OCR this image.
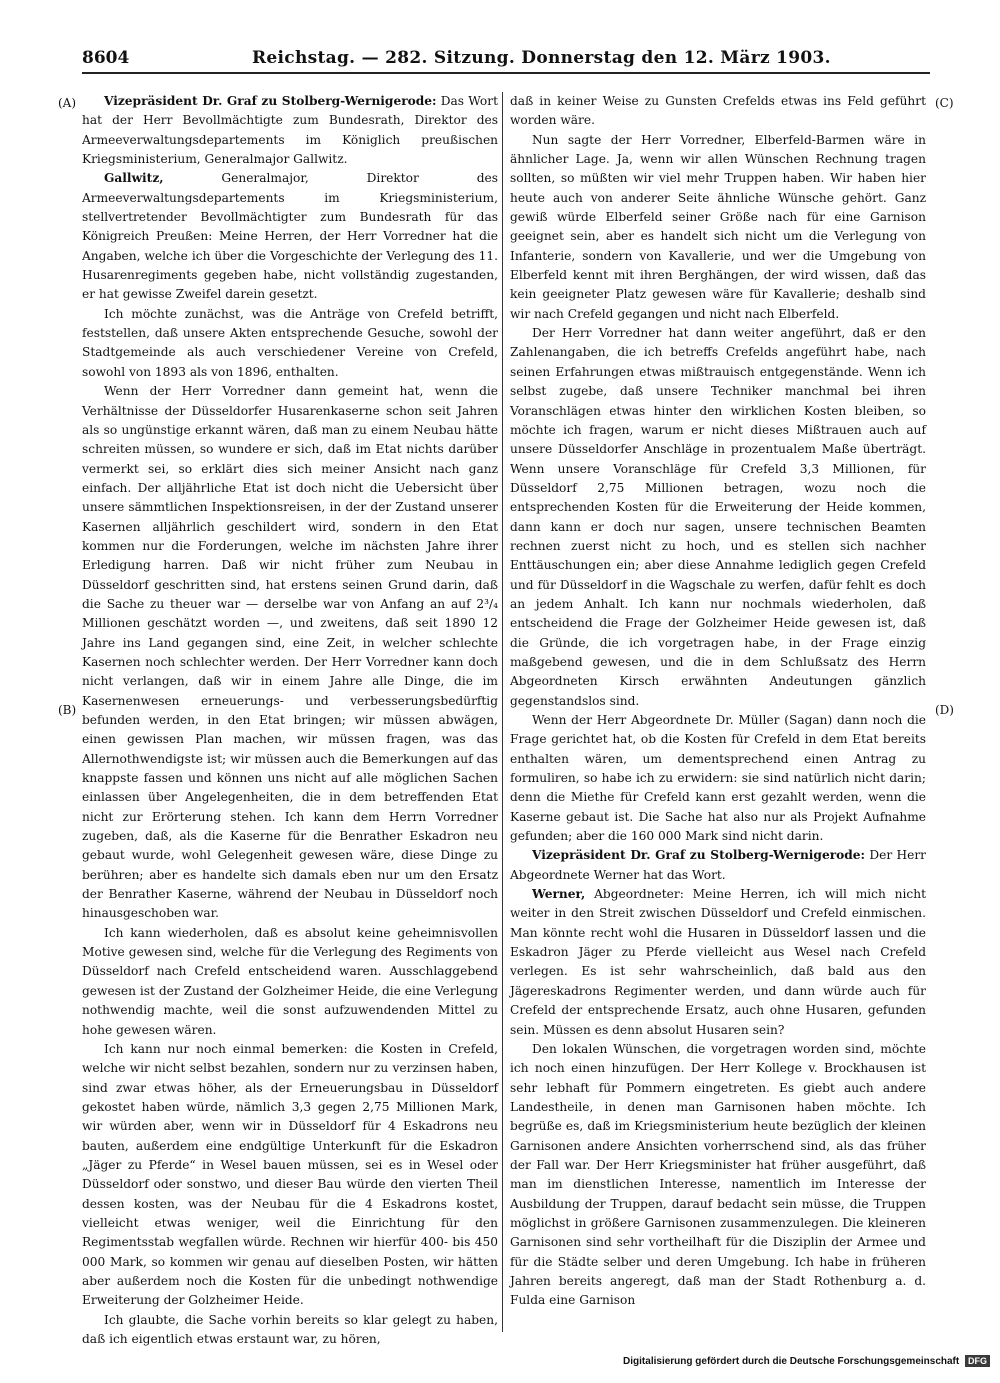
8604	Reichstag. — 282. Sitzung. Donnerstag den 12. März 1903.
(A)
(B)
(C)
(D)

Vizepräsident Dr. Graf zu Stolberg-Wernigerode: Das Wort hat der Herr Bevollmächtigte zum Bundesrath, Direktor des Armeeverwaltungsdepartements im Königlich preußischen Kriegsministerium, Generalmajor Gallwitz.

Gallwitz,	Generalmajor, Direktor des Armeeverwaltungsdepartements im Kriegsministerium, stellvertretender Bevollmächtigter zum Bundesrath für das Königreich Preußen: Meine Herren, der Herr Vorredner hat die Angaben, welche ich über die Vorgeschichte der Verlegung des 11. Husarenregiments gegeben habe, nicht vollständig zugestanden, er hat gewisse Zweifel darein gesetzt.

Ich möchte zunächst, was die Anträge von Crefeld betrifft, feststellen, daß unsere Akten entsprechende Gesuche, sowohl der Stadtgemeinde als auch verschiedener Vereine von Crefeld, sowohl von 1893 als von 1896, enthalten.

Wenn der Herr Vorredner dann gemeint hat, wenn die Verhältnisse der Düsseldorfer Husarenkaserne schon seit Jahren als so ungünstige erkannt wären, daß man zu einem Neubau hätte schreiten müssen, so wundere er sich, daß im Etat nichts darüber vermerkt sei, so erklärt dies sich meiner Ansicht nach ganz einfach. Der alljährliche Etat ist doch nicht die Uebersicht über unsere sämmtlichen Inspektionsreisen, in der der Zustand unserer Kasernen alljährlich geschildert wird, sondern in den Etat kommen nur die Forderungen, welche im nächsten Jahre ihrer Erledigung harren. Daß wir nicht früher zum Neubau in Düsseldorf geschritten sind, hat erstens seinen Grund darin, daß die Sache zu theuer war — derselbe war von Anfang an auf 2³/₄ Millionen geschätzt worden —, und zweitens, daß seit 1890 12 Jahre ins Land gegangen sind, eine Zeit, in welcher schlechte Kasernen noch schlechter werden. Der Herr Vorredner kann doch nicht verlangen, daß wir in einem Jahre alle Dinge, die im Kasernenwesen erneuerungs- und verbesserungsbedürftig befunden werden, in den Etat bringen; wir müssen abwägen, einen gewissen Plan machen, wir müssen fragen, was das Allernothwendigste ist; wir müssen auch die Bemerkungen auf das knappste fassen und können uns nicht auf alle möglichen Sachen einlassen über Angelegenheiten, die in dem betreffenden Etat nicht zur Erörterung stehen. Ich kann dem Herrn Vorredner zugeben, daß, als die Kaserne für die Benrather Eskadron neu gebaut wurde, wohl Gelegenheit gewesen wäre, diese Dinge zu berühren; aber es handelte sich damals eben nur um den Ersatz der Benrather Kaserne, während der Neubau in Düsseldorf noch hinausgeschoben war.

Ich kann wiederholen, daß es absolut keine geheimnisvollen Motive gewesen sind, welche für die Verlegung des Regiments von Düsseldorf nach Crefeld entscheidend waren. Ausschlaggebend gewesen ist der Zustand der Golzheimer Heide, die eine Verlegung nothwendig machte, weil die sonst aufzuwendenden Mittel zu hohe gewesen wären.

Ich kann nur noch einmal bemerken: die Kosten in Crefeld, welche wir nicht selbst bezahlen, sondern nur zu verzinsen haben, sind zwar etwas höher, als der Erneuerungsbau in Düsseldorf gekostet haben würde, nämlich 3,3 gegen 2,75 Millionen Mark, wir würden aber, wenn wir in Düsseldorf für 4 Eskadrons neu bauten, außerdem eine endgültige Unterkunft für die Eskadron „Jäger zu Pferde“ in Wesel bauen müssen, sei es in Wesel oder Düsseldorf oder sonstwo, und dieser Bau würde den vierten Theil dessen kosten, was der Neubau für die 4 Eskadrons kostet, vielleicht etwas weniger, weil die Einrichtung für den Regimentsstab wegfallen würde. Rechnen wir hierfür 400- bis 450 000 Mark, so kommen wir genau auf dieselben Posten, wir hätten aber außerdem noch die Kosten für die unbedingt nothwendige Erweiterung der Golzheimer Heide.

Ich glaubte, die Sache vorhin bereits so klar gelegt zu haben, daß ich eigentlich etwas erstaunt war, zu hören,

daß in keiner Weise zu Gunsten Crefelds etwas ins Feld geführt worden wäre.

Nun sagte der Herr Vorredner, Elberfeld-Barmen wäre in ähnlicher Lage. Ja, wenn wir allen Wünschen Rechnung tragen sollten, so müßten wir viel mehr Truppen haben. Wir haben hier heute auch von anderer Seite ähnliche Wünsche gehört. Ganz gewiß würde Elberfeld seiner Größe nach für eine Garnison geeignet sein, aber es handelt sich nicht um die Verlegung von Infanterie, sondern von Kavallerie, und wer die Umgebung von Elberfeld kennt mit ihren Berghängen, der wird wissen, daß das kein geeigneter Platz gewesen wäre für Kavallerie; deshalb sind wir nach Crefeld gegangen und nicht nach Elberfeld.

Der Herr Vorredner hat dann weiter angeführt, daß er den Zahlenangaben, die ich betreffs Crefelds angeführt habe, nach seinen Erfahrungen etwas mißtrauisch entgegenstände. Wenn ich selbst zugebe, daß unsere Techniker manchmal bei ihren Voranschlägen etwas hinter den wirklichen Kosten bleiben, so möchte ich fragen, warum er nicht dieses Mißtrauen auch auf unsere Düsseldorfer Anschläge in prozentualem Maße überträgt. Wenn unsere Voranschläge für Crefeld 3,3 Millionen, für Düsseldorf 2,75 Millionen betragen, wozu noch die entsprechenden Kosten für die Erweiterung der Heide kommen, dann kann er doch nur sagen, unsere technischen Beamten rechnen zuerst nicht zu hoch, und es stellen sich nachher Enttäuschungen ein; aber diese Annahme lediglich gegen Crefeld und für Düsseldorf in die Wagschale zu werfen, dafür fehlt es doch an jedem Anhalt. Ich kann nur nochmals wiederholen, daß entscheidend die Frage der Golzheimer Heide gewesen ist, daß die Gründe, die ich vorgetragen habe, in der Frage einzig maßgebend gewesen, und die in dem Schlußsatz des Herrn Abgeordneten Kirsch erwähnten Andeutungen gänzlich gegenstandslos sind.

Wenn der Herr Abgeordnete Dr. Müller (Sagan) dann noch die Frage gerichtet hat, ob die Kosten für Crefeld in dem Etat bereits enthalten wären, um dementsprechend einen Antrag zu formuliren, so habe ich zu erwidern: sie sind natürlich nicht darin; denn die Miethe für Crefeld kann erst gezahlt werden, wenn die Kaserne gebaut ist. Die Sache hat also nur als Projekt Aufnahme gefunden; aber die 160 000 Mark sind nicht darin.

Vizepräsident Dr. Graf zu Stolberg-Wernigerode: Der Herr Abgeordnete Werner hat das Wort.

Werner, Abgeordneter: Meine Herren, ich will mich nicht weiter in den Streit zwischen Düsseldorf und Crefeld einmischen. Man könnte recht wohl die Husaren in Düsseldorf lassen und die Eskadron Jäger zu Pferde vielleicht aus Wesel nach Crefeld verlegen. Es ist sehr wahrscheinlich, daß bald aus den Jägereskadrons Regimenter werden, und dann würde auch für Crefeld der entsprechende Ersatz, auch ohne Husaren, gefunden sein. Müssen es denn absolut Husaren sein?

Den lokalen Wünschen, die vorgetragen worden sind, möchte ich noch einen hinzufügen. Der Herr Kollege v. Brockhausen ist sehr lebhaft für Pommern eingetreten. Es giebt auch andere Landestheile, in denen man Garnisonen haben möchte. Ich begrüße es, daß im Kriegsministerium heute bezüglich der kleinen Garnisonen andere Ansichten vorherrschend sind, als das früher der Fall war. Der Herr Kriegsminister hat früher ausgeführt, daß man im dienstlichen Interesse, namentlich im Interesse der Ausbildung der Truppen, darauf bedacht sein müsse, die Truppen möglichst in größere Garnisonen zusammenzulegen. Die kleineren Garnisonen sind sehr vortheilhaft für die Disziplin der Armee und für die Städte selber und deren Umgebung. Ich habe in früheren Jahren bereits angeregt, daß man der Stadt Rothenburg a. d. Fulda eine Garnison

Digitalisierung gefördert durch die Deutsche Forschungsgemeinschaft DFG
